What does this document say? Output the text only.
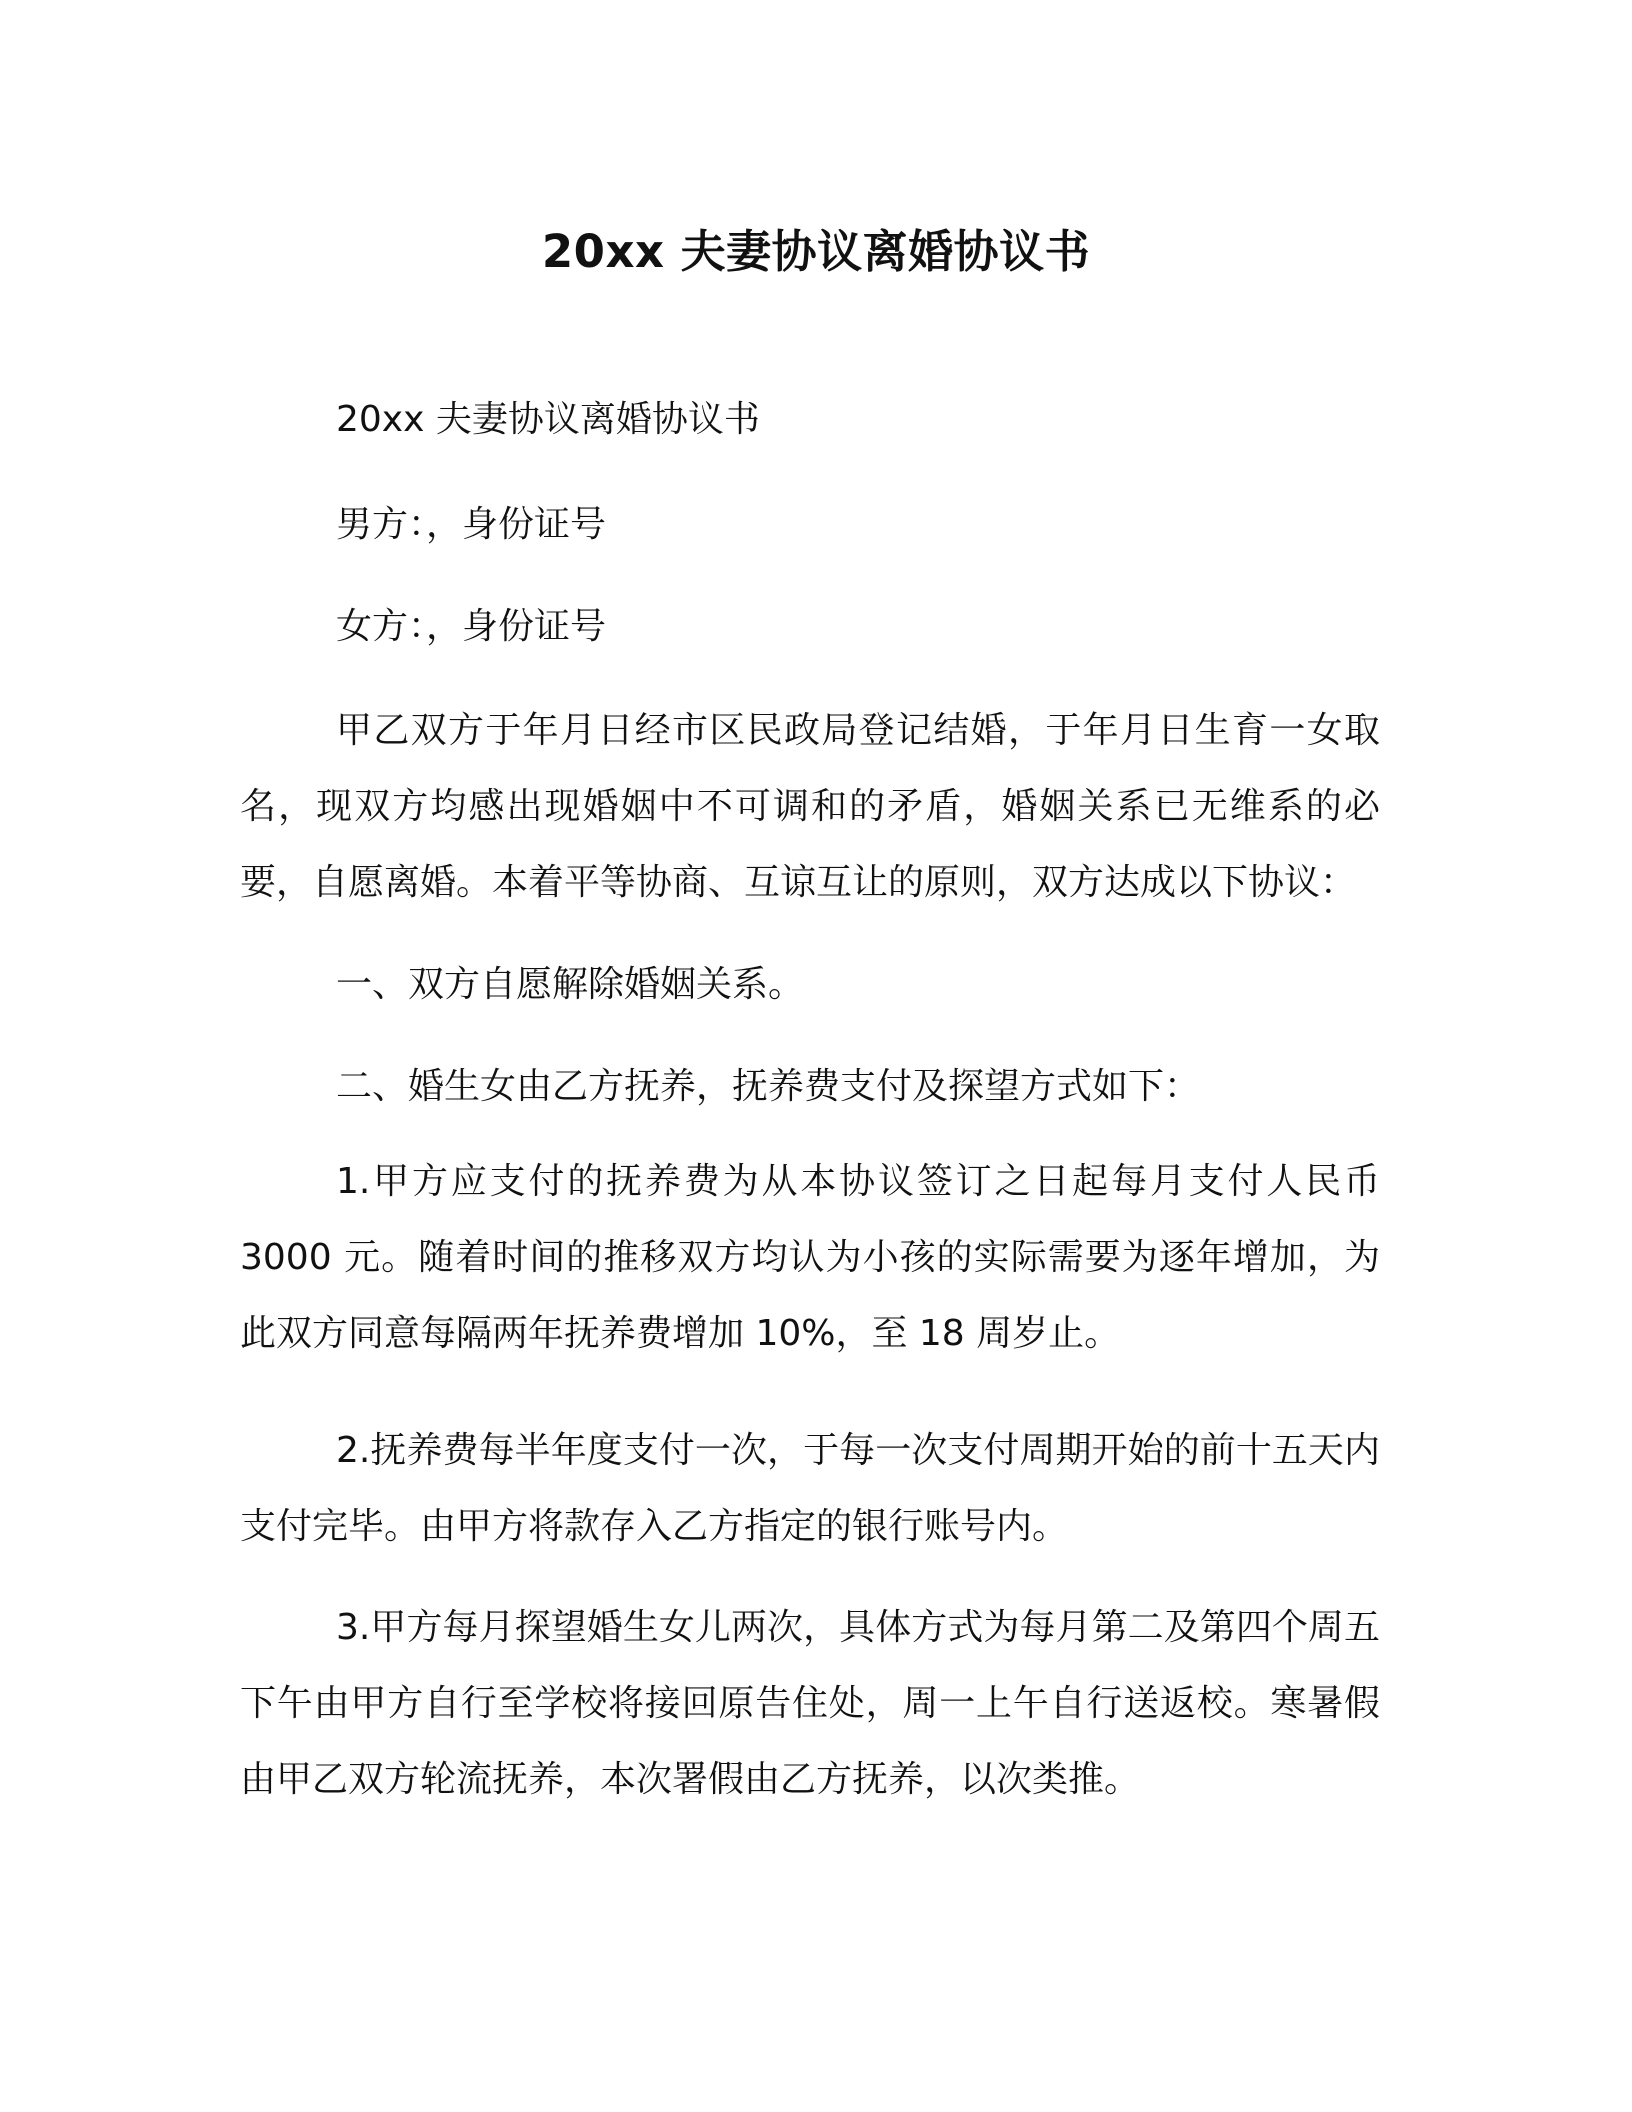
20xx 夫妻协议离婚协议书

20xx 夫妻协议离婚协议书

男方：，身份证号

女方：，身份证号

甲乙双方于年月日经市区民政局登记结婚，于年月日生育一女取名，现双方均感出现婚姻中不可调和的矛盾，婚姻关系已无维系的必要，自愿离婚。本着平等协商、互谅互让的原则，双方达成以下协议：

一、双方自愿解除婚姻关系。

二、婚生女由乙方抚养，抚养费支付及探望方式如下：

1.甲方应支付的抚养费为从本协议签订之日起每月支付人民币 3000 元。随着时间的推移双方均认为小孩的实际需要为逐年增加，为此双方同意每隔两年抚养费增加 10%，至 18 周岁止。

2.抚养费每半年度支付一次，于每一次支付周期开始的前十五天内支付完毕。由甲方将款存入乙方指定的银行账号内。

3.甲方每月探望婚生女儿两次，具体方式为每月第二及第四个周五下午由甲方自行至学校将接回原告住处，周一上午自行送返校。寒暑假由甲乙双方轮流抚养，本次署假由乙方抚养，以次类推。
